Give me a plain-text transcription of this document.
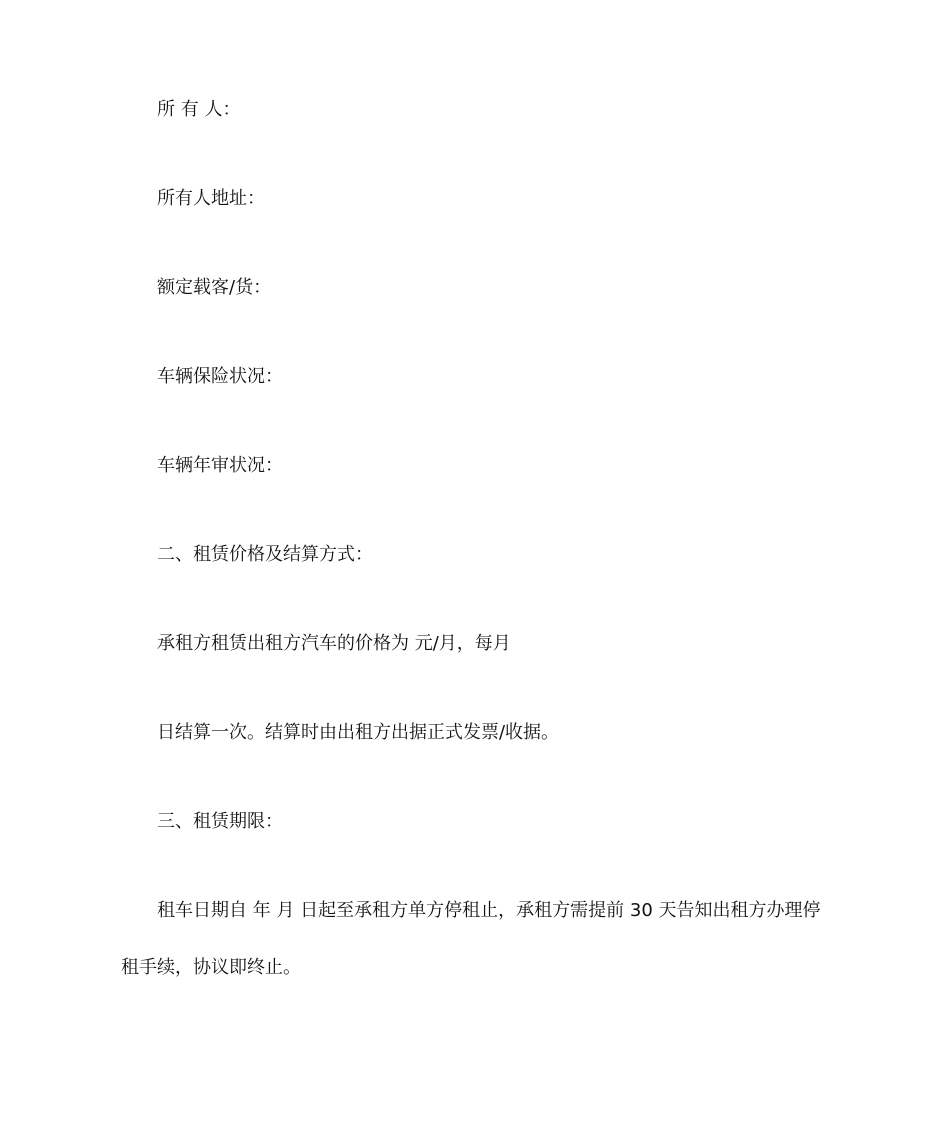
所 有 人：
所有人地址：
额定载客/货：
车辆保险状况：
车辆年审状况：
二、租赁价格及结算方式：
承租方租赁出租方汽车的价格为 元/月，每月
日结算一次。结算时由出租方出据正式发票/收据。
三、租赁期限：
租车日期自 年 月 日起至承租方单方停租止，承租方需提前 30 天告知出租方办理停
租手续，协议即终止。
